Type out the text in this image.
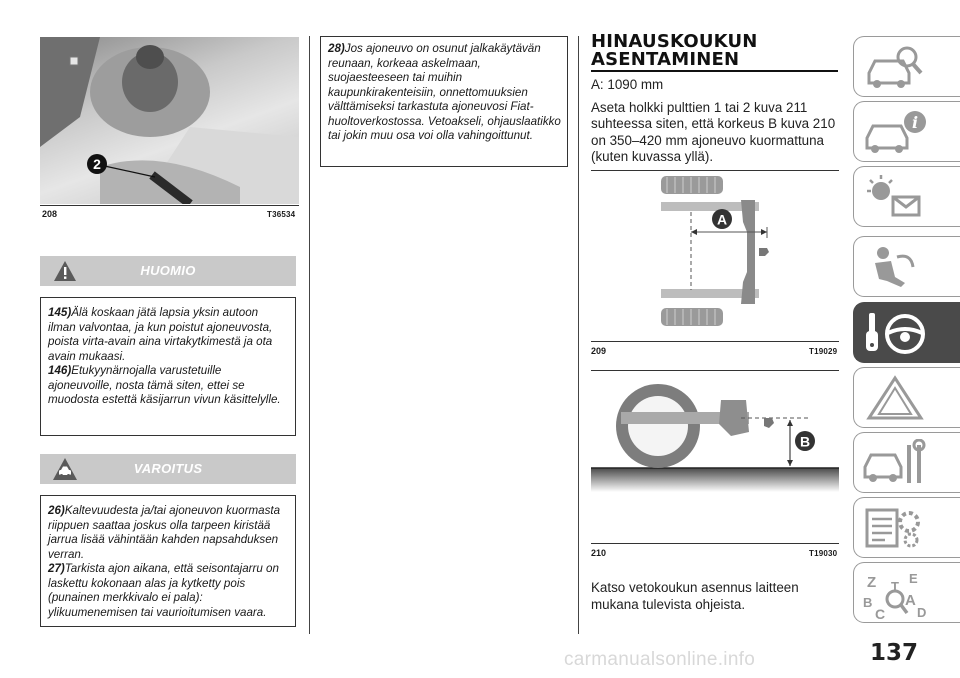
2
208	T36534
HUOMIO

145)Älä koskaan jätä lapsia yksin autoon ilman valvontaa, ja kun poistut ajoneuvosta, poista virta-avain aina virtakytkimestä ja ota avain mukaasi.

146)Etukyynärnojalla varustetuille ajoneuvoille, nosta tämä siten, ettei se muodosta estettä käsijarrun vivun käsittelylle.

VAROITUS

26)Kaltevuudesta ja/tai ajoneuvon kuormasta riippuen saattaa joskus olla tarpeen kiristää jarrua lisää vähintään kahden napsahduksen verran.

27)Tarkista ajon aikana, että seisontajarru on laskettu kokonaan alas ja kytketty pois (punainen merkkivalo ei pala): ylikuumenemisen tai vaurioitumisen vaara.

28)Jos ajoneuvo on osunut jalkakäytävän reunaan, korkeaa askelmaan, suojaesteeseen tai muihin kaupunkirakenteisiin, onnettomuuksien välttämiseksi tarkastuta ajoneuvosi Fiat-huoltoverkostossa. Vetoakseli, ohjauslaatikko tai jokin muu osa voi olla vahingoittunut.

HINAUSKOUKUN
ASENTAMINEN

A: 1090 mm

Aseta holkki pulttien 1 tai 2 kuva 211 suhteessa siten, että korkeus B kuva 210 on 350–420 mm ajoneuvo kuormattuna (kuten kuvassa yllä).

A
209	T19029
B
210	T19030
Katso vetokoukun asennus laitteen mukana tulevista ohjeista.
i
Z	E
B A
C
T
D
carmanualsonline.info	137
